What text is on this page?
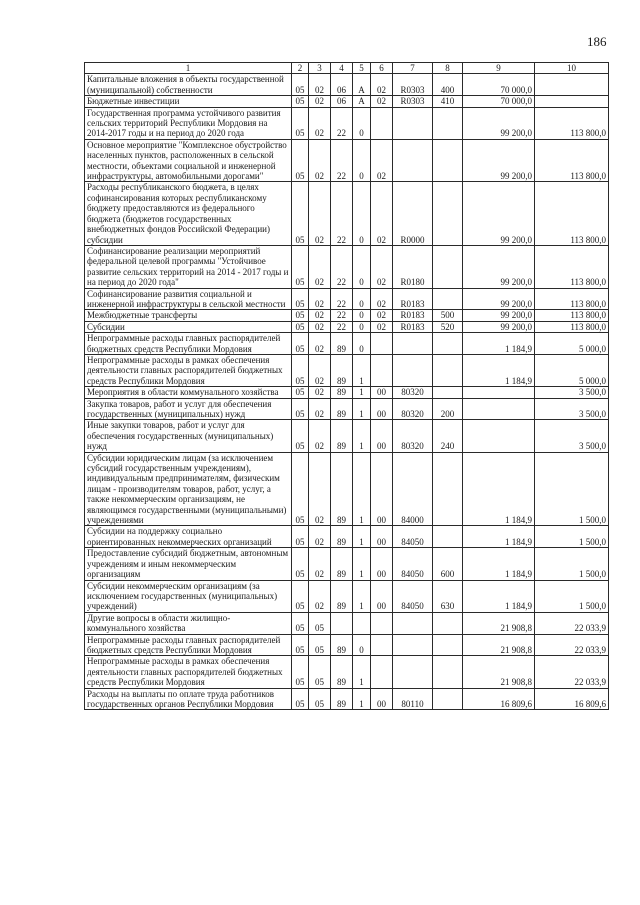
186
1	2	3	4	5	6	7	8	9	10
Капитальные вложения в объекты государственной (муниципальной) собственности	05	02	06	А	02	R0303	400	70 000,0	
Бюджетные инвестиции	05	02	06	А	02	R0303	410	70 000,0	
Государственная программа устойчивого развития сельских территорий Республики Мордовия на 2014-2017 годы и на период до 2020 года	05	02	22	0				99 200,0	113 800,0
Основное мероприятие "Комплексное обустройство населенных пунктов, расположенных в сельской местности, объектами социальной и инженерной инфраструктуры, автомобильными дорогами"	05	02	22	0	02			99 200,0	113 800,0
Расходы республиканского бюджета, в целях софинансирования которых республиканскому бюджету предоставляются из федерального бюджета (бюджетов государственных внебюджетных фондов Российской Федерации) субсидии	05	02	22	0	02	R0000		99 200,0	113 800,0
Софинансирование реализации мероприятий федеральной целевой программы "Устойчивое развитие сельских территорий на 2014 - 2017 годы и на период до 2020 года"	05	02	22	0	02	R0180		99 200,0	113 800,0
Софинансирование развития социальной и инженерной инфраструктуры в сельской местности	05	02	22	0	02	R0183		99 200,0	113 800,0
Межбюджетные трансферты	05	02	22	0	02	R0183	500	99 200,0	113 800,0
Субсидии	05	02	22	0	02	R0183	520	99 200,0	113 800,0
Непрограммные расходы главных распорядителей бюджетных средств Республики Мордовия	05	02	89	0				1 184,9	5 000,0
Непрограммные расходы в рамках обеспечения деятельности главных распорядителей бюджетных средств Республики Мордовия	05	02	89	1				1 184,9	5 000,0
Мероприятия в области коммунального хозяйства	05	02	89	1	00	80320			3 500,0
Закупка товаров, работ и услуг для обеспечения государственных (муниципальных) нужд	05	02	89	1	00	80320	200		3 500,0
Иные закупки товаров, работ и услуг для обеспечения государственных (муниципальных) нужд	05	02	89	1	00	80320	240		3 500,0
Субсидии юридическим лицам (за исключением субсидий государственным учреждениям), индивидуальным предпринимателям, физическим лицам - производителям товаров, работ, услуг, а также некоммерческим организациям, не являющимся государственными (муниципальными) учреждениями	05	02	89	1	00	84000		1 184,9	1 500,0
Субсидии на поддержку социально ориентированных некоммерческих организаций	05	02	89	1	00	84050		1 184,9	1 500,0
Предоставление субсидий бюджетным, автономным учреждениям и иным некоммерческим организациям	05	02	89	1	00	84050	600	1 184,9	1 500,0
Субсидии некоммерческим организациям (за исключением государственных (муниципальных) учреждений)	05	02	89	1	00	84050	630	1 184,9	1 500,0
Другие вопросы в области жилищно-коммунального хозяйства	05	05						21 908,8	22 033,9
Непрограммные расходы главных распорядителей бюджетных средств Республики Мордовия	05	05	89	0				21 908,8	22 033,9
Непрограммные расходы в рамках обеспечения деятельности главных распорядителей бюджетных средств Республики Мордовия	05	05	89	1				21 908,8	22 033,9
Расходы на выплаты по оплате труда работников государственных органов Республики Мордовия	05	05	89	1	00	80110		16 809,6	16 809,6
